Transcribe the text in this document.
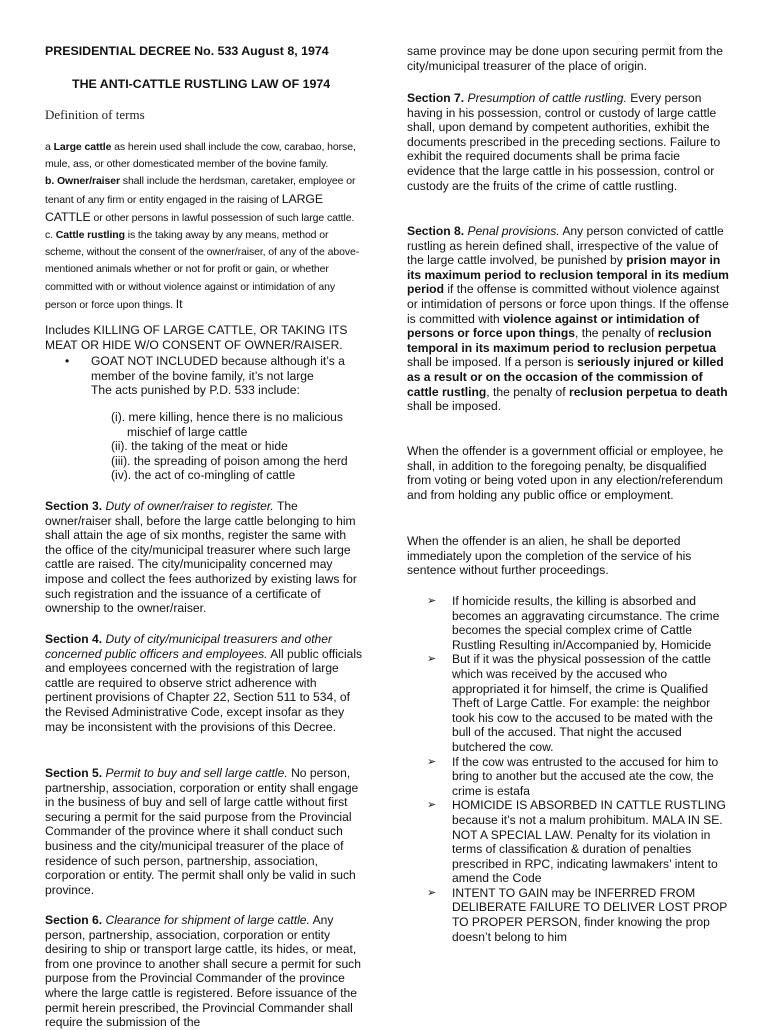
PRESIDENTIAL DECREE No. 533 August 8, 1974

THE ANTI-CATTLE RUSTLING LAW OF 1974

Definition of terms

a Large cattle as herein used shall include the cow, carabao, horse, mule, ass, or other domesticated member of the bovine family.

b. Owner/raiser shall include the herdsman, caretaker, employee or tenant of any firm or entity engaged in the raising of LARGE CATTLE or other persons in lawful possession of such large cattle.

c. Cattle rustling is the taking away by any means, method or scheme, without the consent of the owner/raiser, of any of the above-mentioned animals whether or not for profit or gain, or whether committed with or without violence against or intimidation of any person or force upon things. It

Includes KILLING OF LARGE CATTLE, OR TAKING ITS MEAT OR HIDE W/O CONSENT OF OWNER/RAISER.

• GOAT NOT INCLUDED because although it’s a member of the bovine family, it’s not large

The acts punished by P.D. 533 include:

(i). mere killing, hence there is no malicious

mischief of large cattle

(ii). the taking of the meat or hide

(iii). the spreading of poison among the herd

(iv). the act of co-mingling of cattle

Section 3. Duty of owner/raiser to register. The owner/raiser shall, before the large cattle belonging to him shall attain the age of six months, register the same with the office of the city/municipal treasurer where such large cattle are raised. The city/municipality concerned may impose and collect the fees authorized by existing laws for such registration and the issuance of a certificate of ownership to the owner/raiser.

Section 4. Duty of city/municipal treasurers and other concerned public officers and employees. All public officials and employees concerned with the registration of large cattle are required to observe strict adherence with pertinent provisions of Chapter 22, Section 511 to 534, of the Revised Administrative Code, except insofar as they may be inconsistent with the provisions of this Decree.

Section 5. Permit to buy and sell large cattle. No person, partnership, association, corporation or entity shall engage in the business of buy and sell of large cattle without first securing a permit for the said purpose from the Provincial Commander of the province where it shall conduct such business and the city/municipal treasurer of the place of residence of such person, partnership, association, corporation or entity. The permit shall only be valid in such province.

Section 6. Clearance for shipment of large cattle. Any person, partnership, association, corporation or entity desiring to ship or transport large cattle, its hides, or meat, from one province to another shall secure a permit for such purpose from the Provincial Commander of the province where the large cattle is registered. Before issuance of the permit herein prescribed, the Provincial Commander shall require the submission of the

same province may be done upon securing permit from the city/municipal treasurer of the place of origin.

Section 7. Presumption of cattle rustling. Every person having in his possession, control or custody of large cattle shall, upon demand by competent authorities, exhibit the documents prescribed in the preceding sections. Failure to exhibit the required documents shall be prima facie evidence that the large cattle in his possession, control or custody are the fruits of the crime of cattle rustling.

Section 8. Penal provisions. Any person convicted of cattle rustling as herein defined shall, irrespective of the value of the large cattle involved, be punished by prision mayor in its maximum period to reclusion temporal in its medium period if the offense is committed without violence against or intimidation of persons or force upon things. If the offense is committed with violence against or intimidation of persons or force upon things, the penalty of reclusion temporal in its maximum period to reclusion perpetua shall be imposed. If a person is seriously injured or killed as a result or on the occasion of the commission of cattle rustling, the penalty of reclusion perpetua to death shall be imposed.

When the offender is a government official or employee, he shall, in addition to the foregoing penalty, be disqualified from voting or being voted upon in any election/referendum and from holding any public office or employment.

When the offender is an alien, he shall be deported immediately upon the completion of the service of his sentence without further proceedings.

➢ If homicide results, the killing is absorbed and becomes an aggravating circumstance. The crime becomes the special complex crime of Cattle Rustling Resulting in/Accompanied by, Homicide

➢ But if it was the physical possession of the cattle which was received by the accused who appropriated it for himself, the crime is Qualified Theft of Large Cattle. For example: the neighbor took his cow to the accused to be mated with the bull of the accused. That night the accused butchered the cow.

➢ If the cow was entrusted to the accused for him to bring to another but the accused ate the cow, the crime is estafa

➢ HOMICIDE IS ABSORBED IN CATTLE RUSTLING because it’s not a malum prohibitum. MALA IN SE. NOT A SPECIAL LAW. Penalty for its violation in terms of classification & duration of penalties prescribed in RPC, indicating lawmakers’ intent to amend the Code

➢ INTENT TO GAIN may be INFERRED FROM DELIBERATE FAILURE TO DELIVER LOST PROP TO PROPER PERSON, finder knowing the prop doesn’t belong to him
